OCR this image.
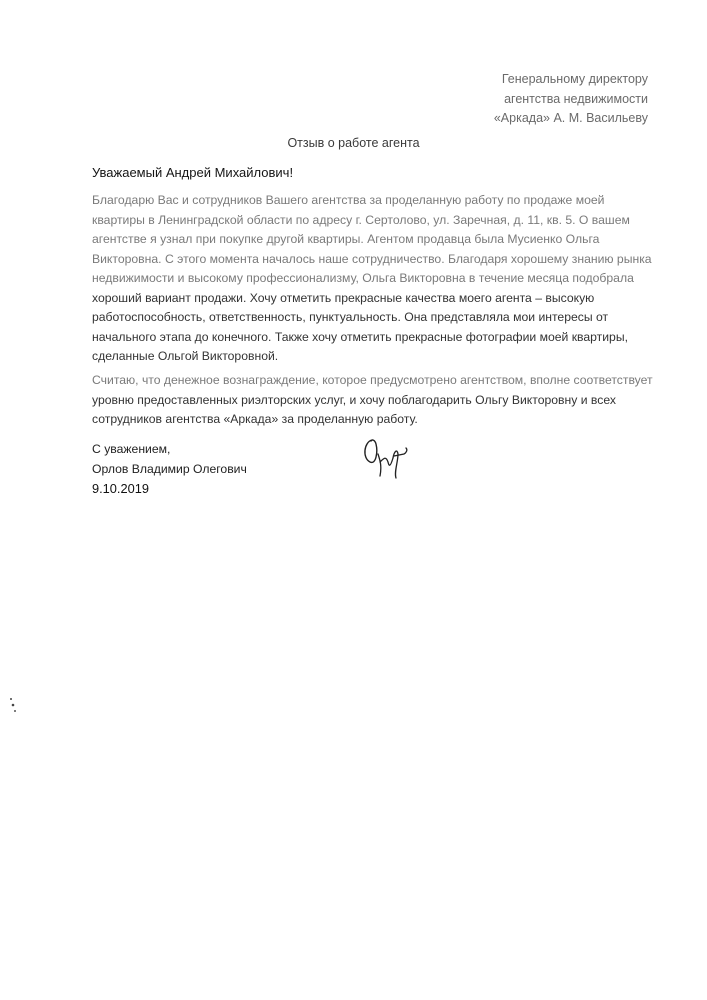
Генеральному директору
агентства недвижимости
«Аркада» А. М. Васильеву
Отзыв о работе агента
Уважаемый Андрей Михайлович!
Благодарю Вас и сотрудников Вашего агентства за проделанную работу по продаже моей
квартиры в Ленинградской области по адресу г. Сертолово, ул. Заречная, д. 11, кв. 5. О вашем
агентстве я узнал при покупке другой квартиры. Агентом продавца была Мусиенко Ольга
Викторовна. С этого момента началось наше сотрудничество. Благодаря хорошему знанию рынка
недвижимости и высокому профессионализму, Ольга Викторовна в течение месяца подобрала
хороший вариант продажи. Хочу отметить прекрасные качества моего агента – высокую
работоспособность, ответственность, пунктуальность. Она представляла мои интересы от
начального этапа до конечного. Также хочу отметить прекрасные фотографии моей квартиры,
сделанные Ольгой Викторовной.
Считаю, что денежное вознаграждение, которое предусмотрено агентством, вполне соответствует
уровню предоставленных риэлторских услуг, и хочу поблагодарить Ольгу Викторовну и всех
сотрудников агентства «Аркада» за проделанную работу.
С уважением,
Орлов Владимир Олегович
9.10.2019
